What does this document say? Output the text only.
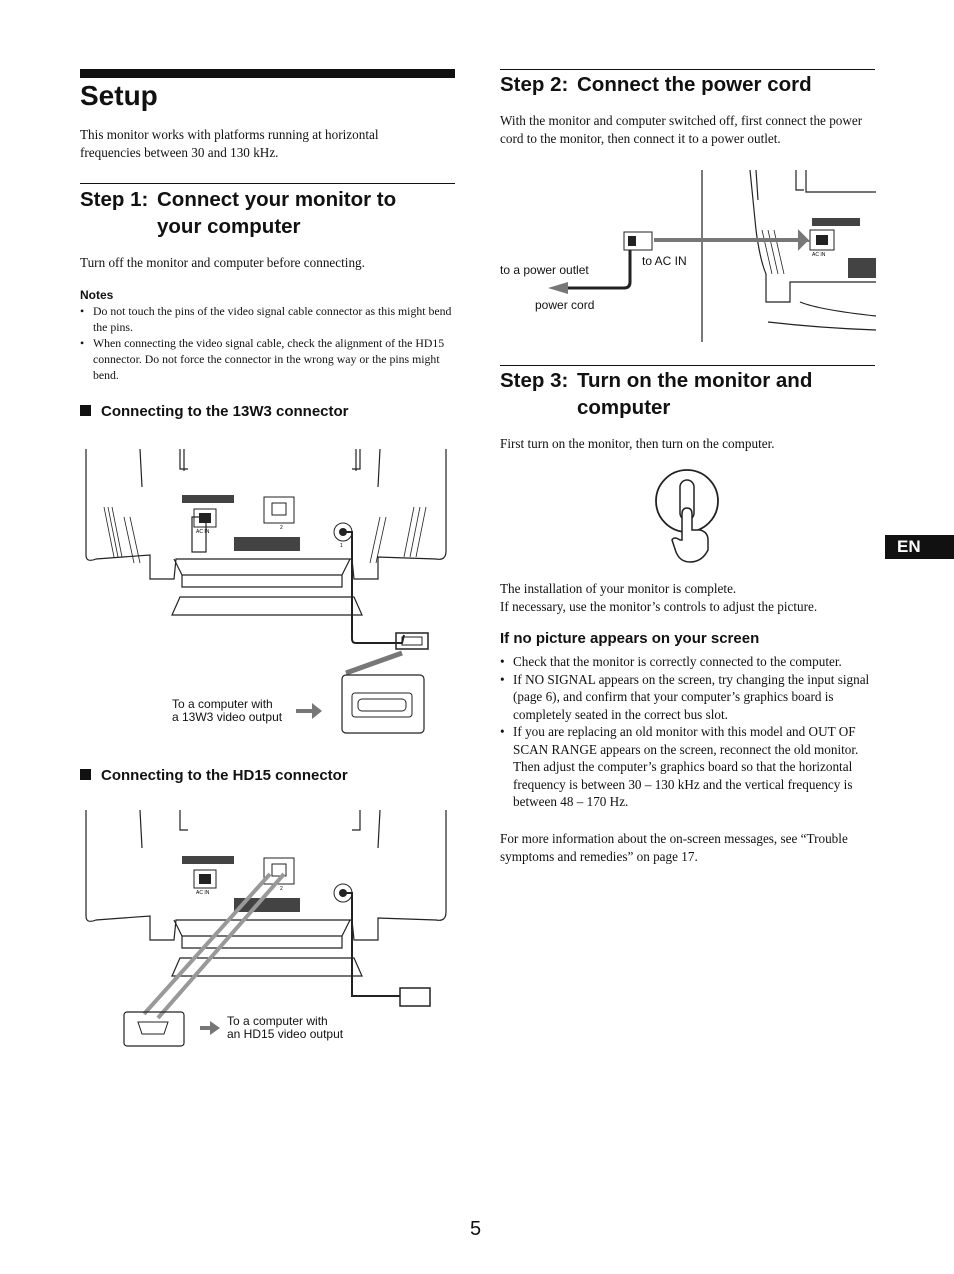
Setup
This monitor works with platforms running at horizontal frequencies between 30 and 130 kHz.
Step 1: Connect your monitor to your computer
Turn off the monitor and computer before connecting.
Notes
• Do not touch the pins of the video signal cable connector as this might bend the pins.
• When connecting the video signal cable, check the alignment of the HD15 connector. Do not force the connector in the wrong way or the pins might bend.
Connecting to the 13W3 connector
AC IN
2
1
To a computer with
a 13W3 video output
Connecting to the HD15 connector
AC IN
2
To a computer with
an HD15 video output
Step 2: Connect the power cord
With the monitor and computer switched off, first connect the power cord to the monitor, then connect it to a power outlet.
AC IN
to a power outlet
to AC IN
power cord
Step 3: Turn on the monitor and computer
First turn on the monitor, then turn on the computer.
The installation of your monitor is complete.
If necessary, use the monitor’s controls to adjust the picture.
If no picture appears on your screen
• Check that the monitor is correctly connected to the computer.
• If NO SIGNAL appears on the screen, try changing the input signal (page 6), and confirm that your computer’s graphics board is completely seated in the correct bus slot.
• If you are replacing an old monitor with this model and OUT OF SCAN RANGE appears on the screen, reconnect the old monitor. Then adjust the computer’s graphics board so that the horizontal frequency is between 30 – 130 kHz and the vertical frequency is between 48 – 170 Hz.
For more information about the on-screen messages, see “Trouble symptoms and remedies” on page 17.
EN
5
